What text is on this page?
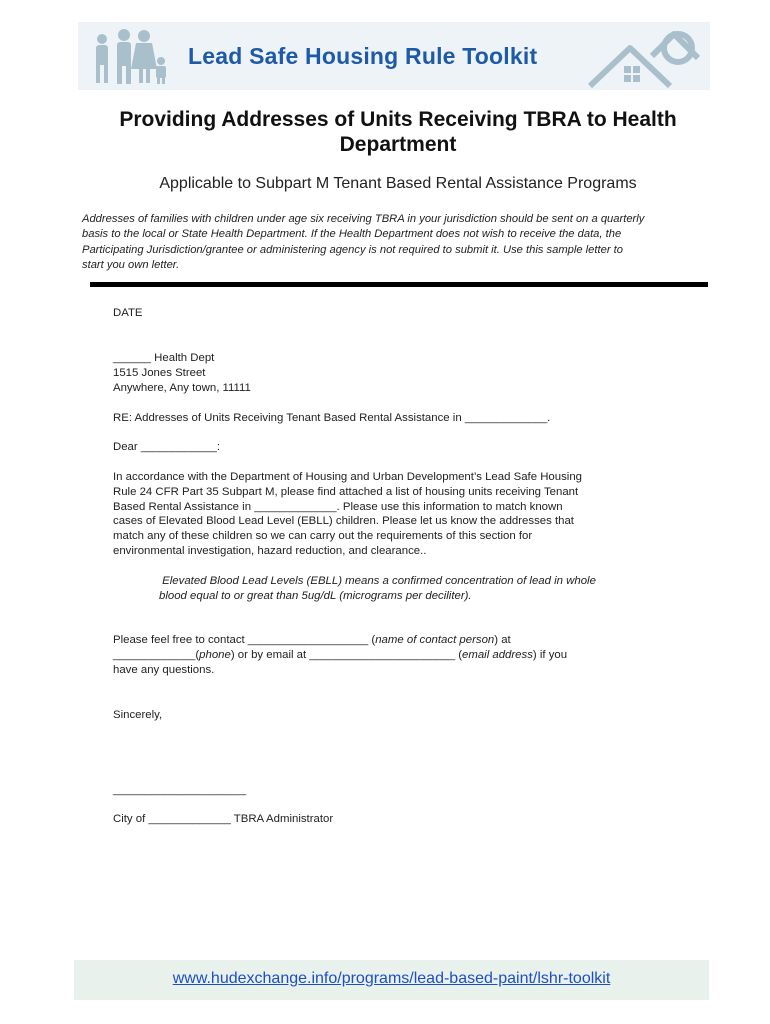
Lead Safe Housing Rule Toolkit
Providing Addresses of Units Receiving TBRA to Health
Department
Applicable to Subpart M Tenant Based Rental Assistance Programs
Addresses of families with children under age six receiving TBRA in your jurisdiction should be sent on a quarterly
basis to the local or State Health Department. If the Health Department does not wish to receive the data, the
Participating Jurisdiction/grantee or administering agency is not required to submit it. Use this sample letter to
start you own letter.
DATE

______ Health Dept

1515 Jones Street

Anywhere, Any town, 11111

RE: Addresses of Units Receiving Tenant Based Rental Assistance in _____________.
Dear ____________:

In accordance with the Department of Housing and Urban Development’s Lead Safe Housing

Rule 24 CFR Part 35 Subpart M, please find attached a list of housing units receiving Tenant

Based Rental Assistance in _____________. Please use this information to match known

cases of Elevated Blood Lead Level (EBLL) children. Please let us know the addresses that

match any of these children so we can carry out the requirements of this section for

environmental investigation, hazard reduction, and clearance..

Elevated Blood Lead Levels (EBLL) means a confirmed concentration of lead in whole

blood equal to or great than 5ug/dL (micrograms per deciliter).

Please feel free to contact ___________________ (name of contact person) at

_____________(phone) or by email at _______________________ (email address) if you

have any questions.

Sincerely,
_____________________
City of _____________ TBRA Administrator
www.hudexchange.info/programs/lead-based-paint/lshr-toolkit
